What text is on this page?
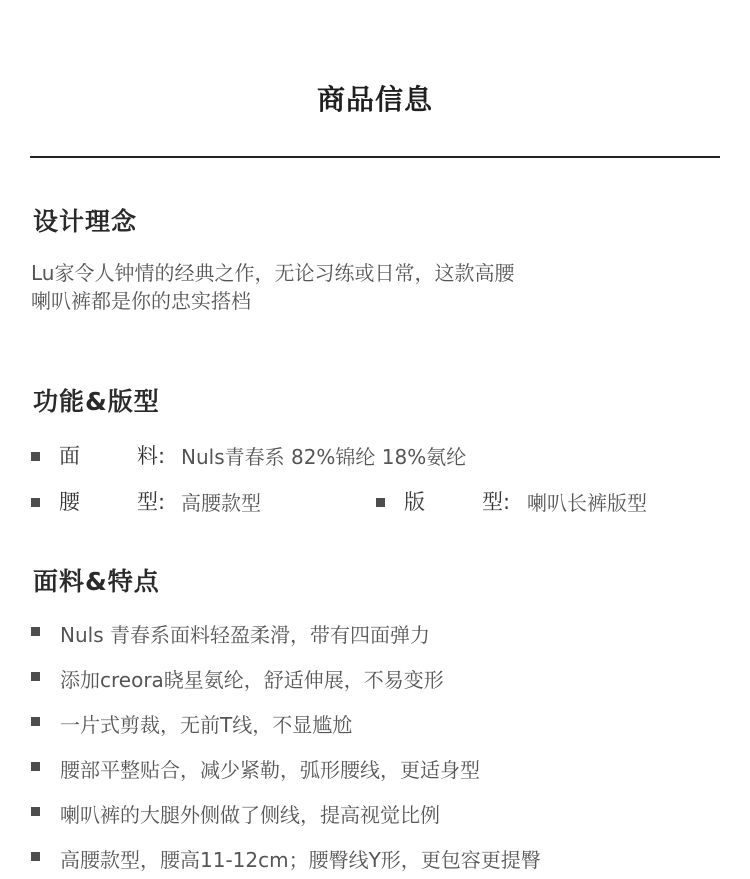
商品信息
设计理念
Lu家令人钟情的经典之作，无论习练或日常，这款高腰
喇叭裤都是你的忠实搭档
功能&版型
面	料: Nuls青春系 82%锦纶 18%氨纶
腰	型: 高腰款型	版	型: 喇叭长裤版型
面料&特点
Nuls 青春系面料轻盈柔滑，带有四面弹力
添加creora晓星氨纶，舒适伸展，不易变形
一片式剪裁，无前T线，不显尴尬
腰部平整贴合，减少紧勒，弧形腰线，更适身型
喇叭裤的大腿外侧做了侧线，提高视觉比例
高腰款型，腰高11-12cm；腰臀线Y形，更包容更提臀
